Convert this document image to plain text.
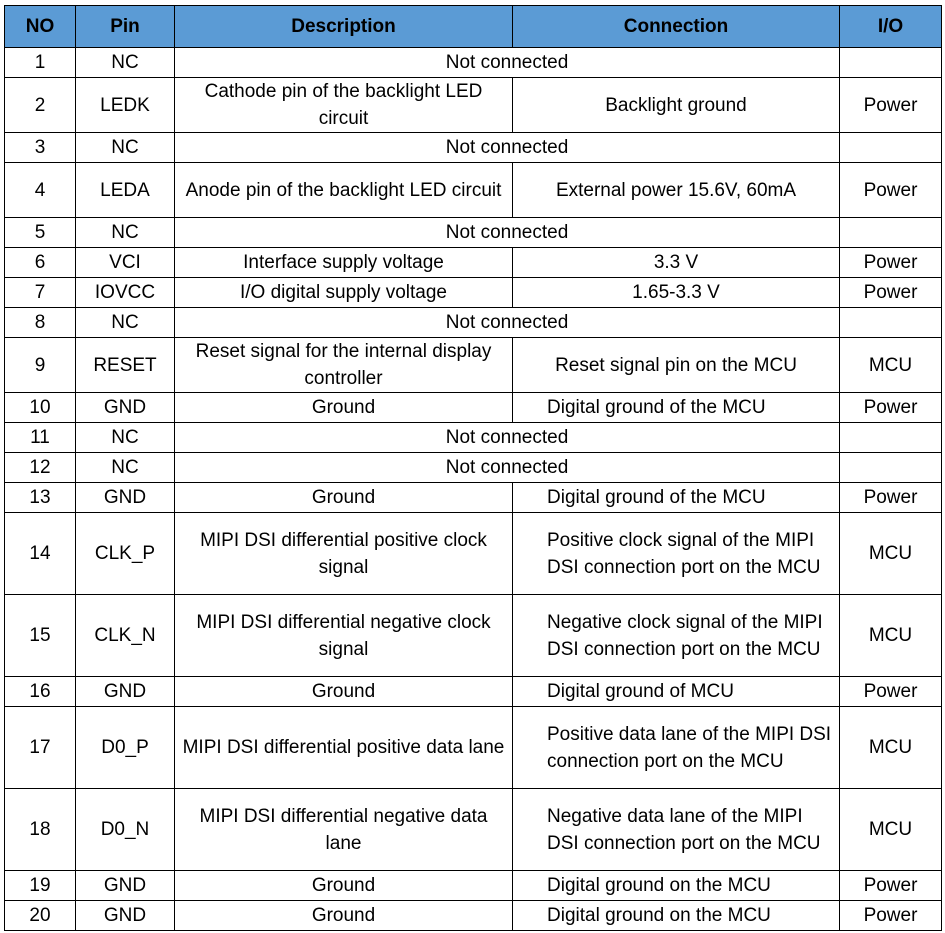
NO	Pin	Description	Connection	I/O
1	NC	Not connected		
2	LEDK	Cathode pin of the backlight LED circuit	Backlight ground	Power
3	NC	Not connected		
4	LEDA	Anode pin of the backlight LED circuit	External power 15.6V, 60mA	Power
5	NC	Not connected		
6	VCI	Interface supply voltage	3.3 V	Power
7	IOVCC	I/O digital supply voltage	1.65-3.3 V	Power
8	NC	Not connected		
9	RESET	Reset signal for the internal display controller	Reset signal pin on the MCU	MCU
10	GND	Ground	Digital ground of the MCU	Power
11	NC	Not connected		
12	NC	Not connected		
13	GND	Ground	Digital ground of the MCU	Power
14	CLK_P	MIPI DSI differential positive clock signal	Positive clock signal of the MIPI DSI connection port on the MCU	MCU
15	CLK_N	MIPI DSI differential negative clock signal	Negative clock signal of the MIPI DSI connection port on the MCU	MCU
16	GND	Ground	Digital ground of MCU	Power
17	D0_P	MIPI DSI differential positive data lane	Positive data lane of the MIPI DSI connection port on the MCU	MCU
18	D0_N	MIPI DSI differential negative data lane	Negative data lane of the MIPI DSI connection port on the MCU	MCU
19	GND	Ground	Digital ground on the MCU	Power
20	GND	Ground	Digital ground on the MCU	Power
